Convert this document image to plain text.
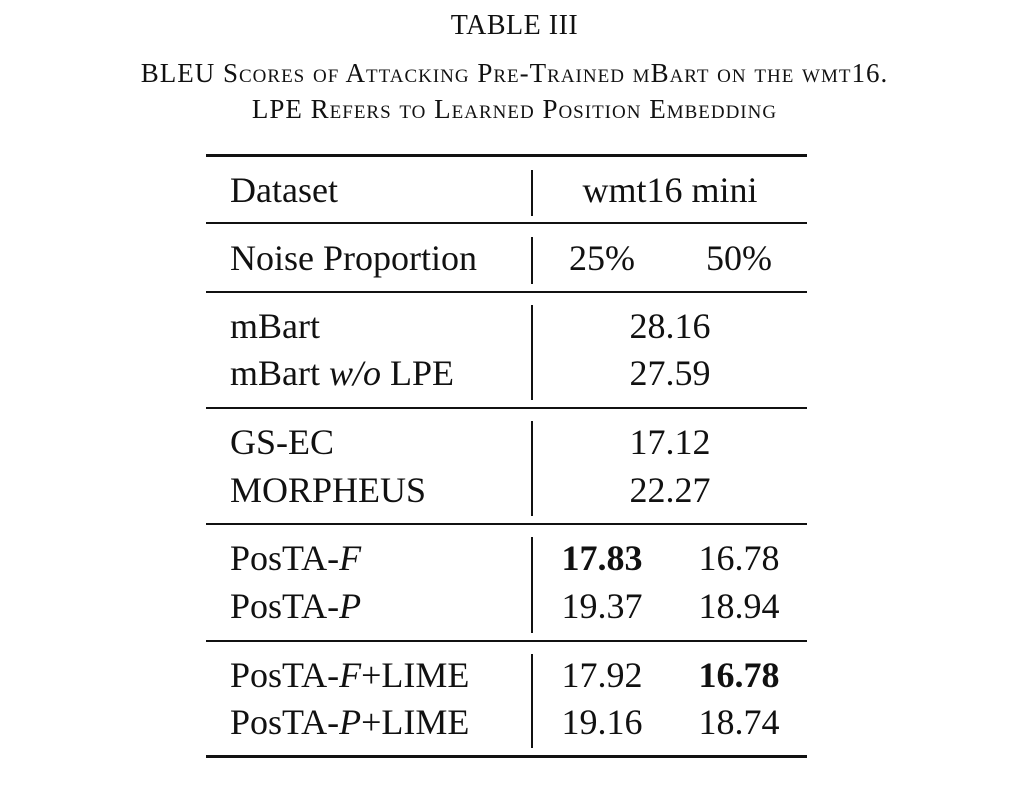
TABLE III
BLEU Scores of Attacking Pre-Trained mBart on the wmt16.
LPE Refers to Learned Position Embedding
Dataset	wmt16 mini
Noise Proportion	25%	50%
mBart	28.16
mBart w/o LPE	27.59
GS-EC	17.12
MORPHEUS	22.27
PosTA-F	17.83 16.78
PosTA-P	19.37 18.94
PosTA-F+LIME	17.92 16.78
PosTA-P+LIME	19.16 18.74
